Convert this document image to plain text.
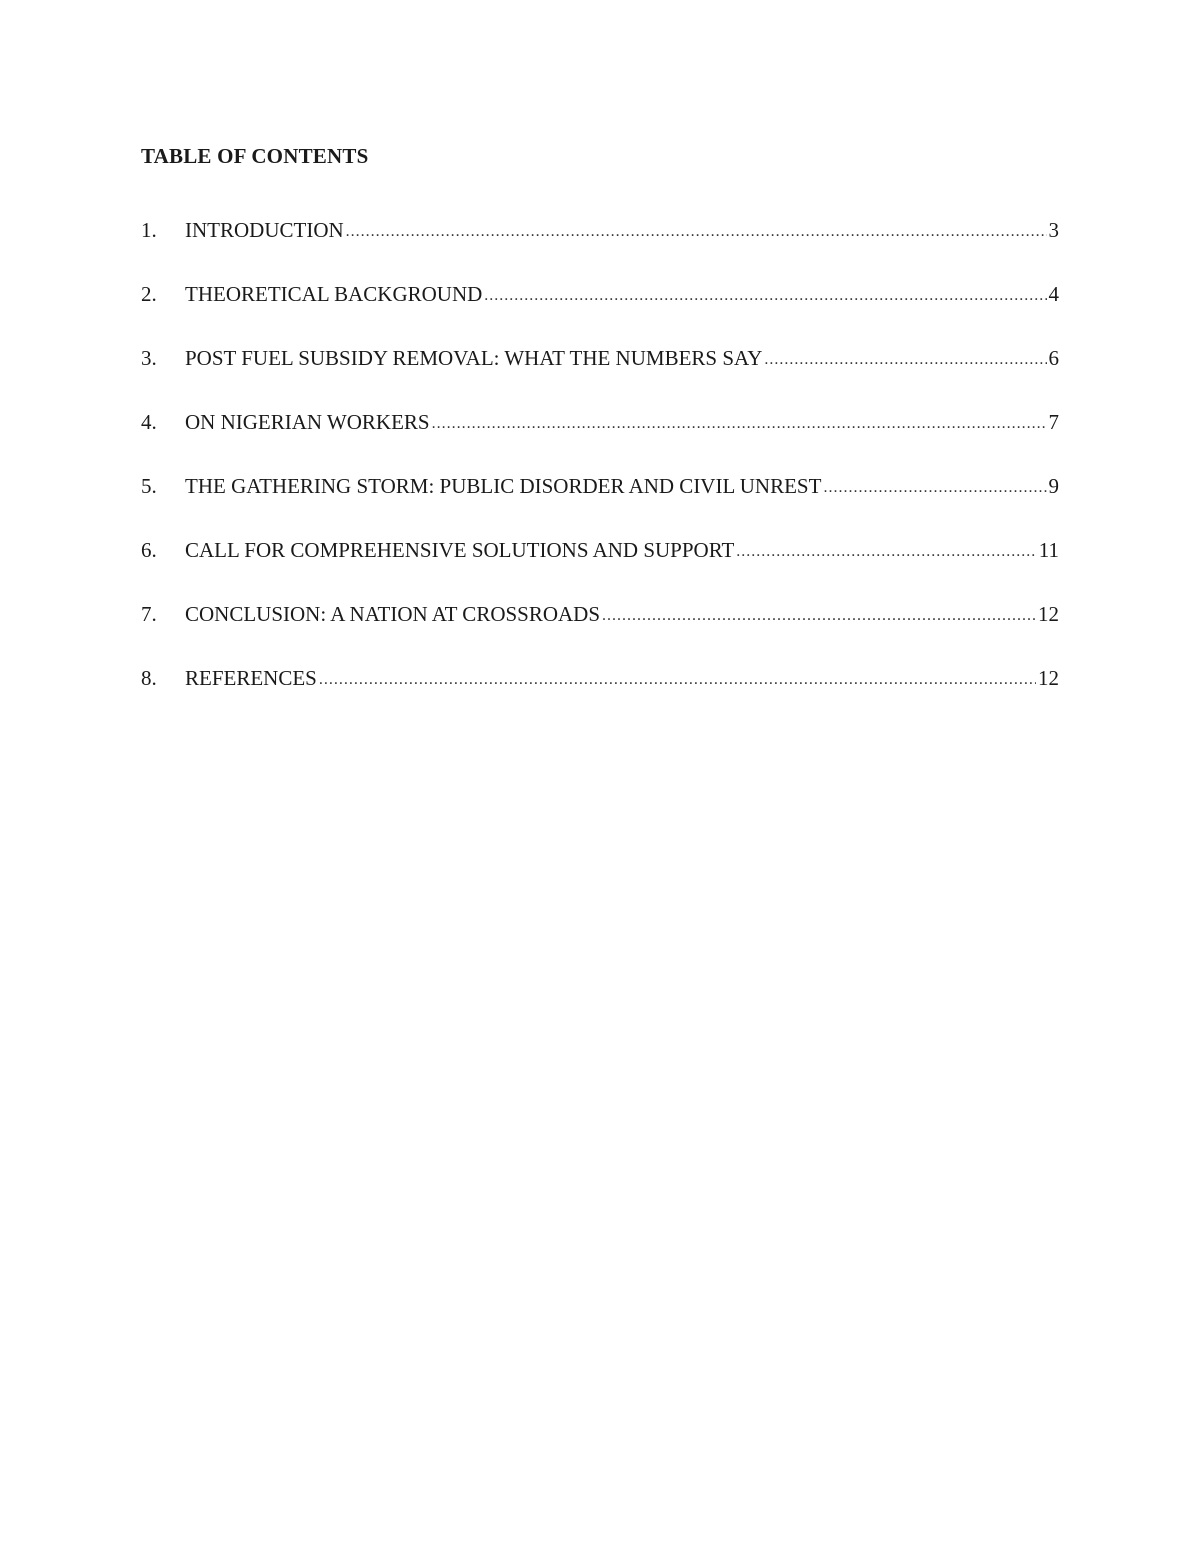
TABLE OF CONTENTS
1.	INTRODUCTION .....	3
2.	THEORETICAL BACKGROUND .....	4
3.	POST FUEL SUBSIDY REMOVAL: WHAT THE NUMBERS SAY .....	6
4.	ON NIGERIAN WORKERS .....	7
5.	THE GATHERING STORM: PUBLIC DISORDER AND CIVIL UNREST .....	9
6.	CALL FOR COMPREHENSIVE SOLUTIONS AND SUPPORT .....	11
7.	CONCLUSION: A NATION AT CROSSROADS .....	12
8.	REFERENCES .....	12
